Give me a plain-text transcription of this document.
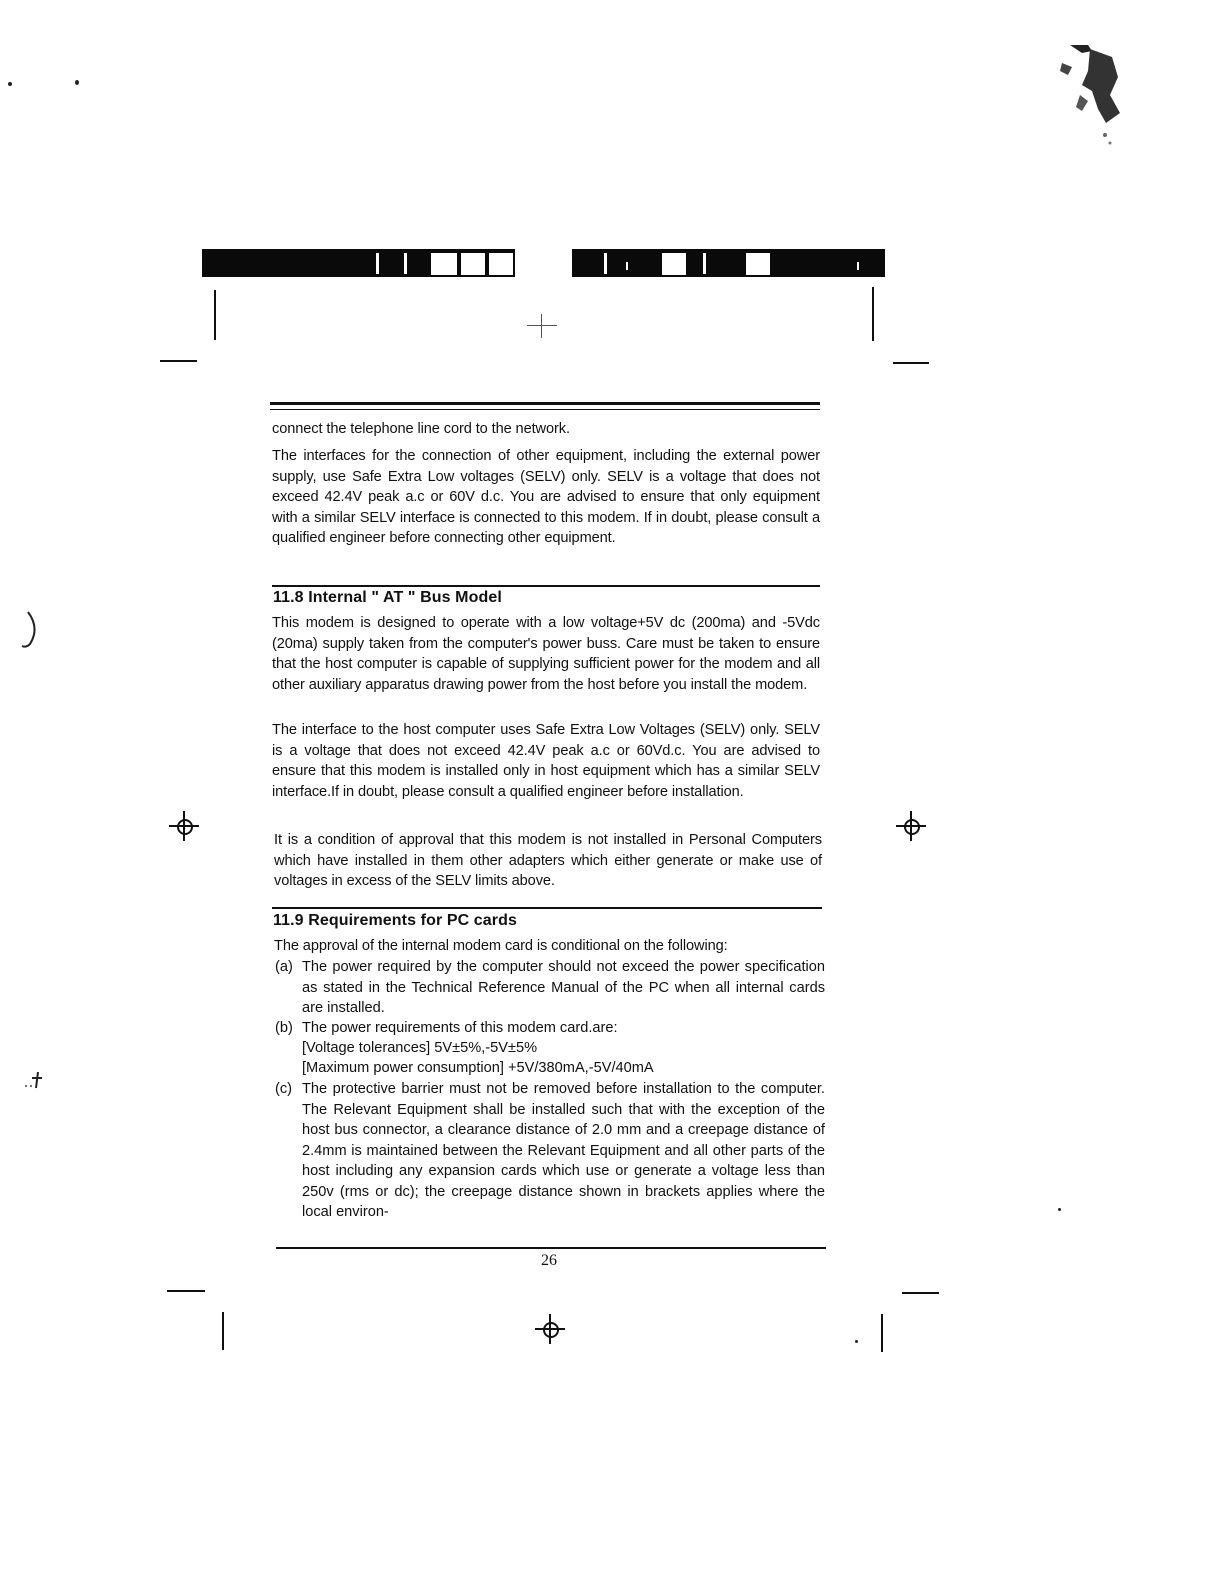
connect the telephone line cord to the network.

The interfaces for the connection of other equipment, including the external power supply, use Safe Extra Low voltages (SELV) only. SELV is a voltage that does not exceed 42.4V peak a.c or 60V d.c. You are advised to ensure that only equipment with a similar SELV interface is connected to this modem. If in doubt, please consult a qualified engineer before connecting other equipment.

11.8 Internal " AT " Bus Model

This modem is designed to operate with a low voltage+5V dc (200ma) and -5Vdc (20ma) supply taken from the computer's power buss. Care must be taken to ensure that the host computer is capable of supplying sufficient power for the modem and all other auxiliary apparatus drawing power from the host before you install the modem.

The interface to the host computer uses Safe Extra Low Voltages (SELV) only. SELV is a voltage that does not exceed 42.4V peak a.c or 60Vd.c. You are advised to ensure that this modem is installed only in host equipment which has a similar SELV interface.If in doubt, please consult a qualified engineer before installation.

It is a condition of approval that this modem is not installed in Personal Computers which have installed in them other adapters which either generate or make use of voltages in excess of the SELV limits above.

11.9 Requirements for PC cards

The approval of the internal modem card is conditional on the following:

(a) The power required by the computer should not exceed the power specification as stated in the Technical Reference Manual of the PC when all internal cards are installed.
(b) The power requirements of this modem card.are:

[Voltage tolerances] 5V±5%,-5V±5%

[Maximum power consumption] +5V/380mA,-5V/40mA

(c) The protective barrier must not be removed before installation to the computer. The Relevant Equipment shall be installed such that with the exception of the host bus connector, a clearance distance of 2.0 mm and a creepage distance of 2.4mm is maintained between the Relevant Equipment and all other parts of the host including any expansion cards which use or generate a voltage less than 250v (rms or dc); the creepage distance shown in brackets applies where the local environ-
26
